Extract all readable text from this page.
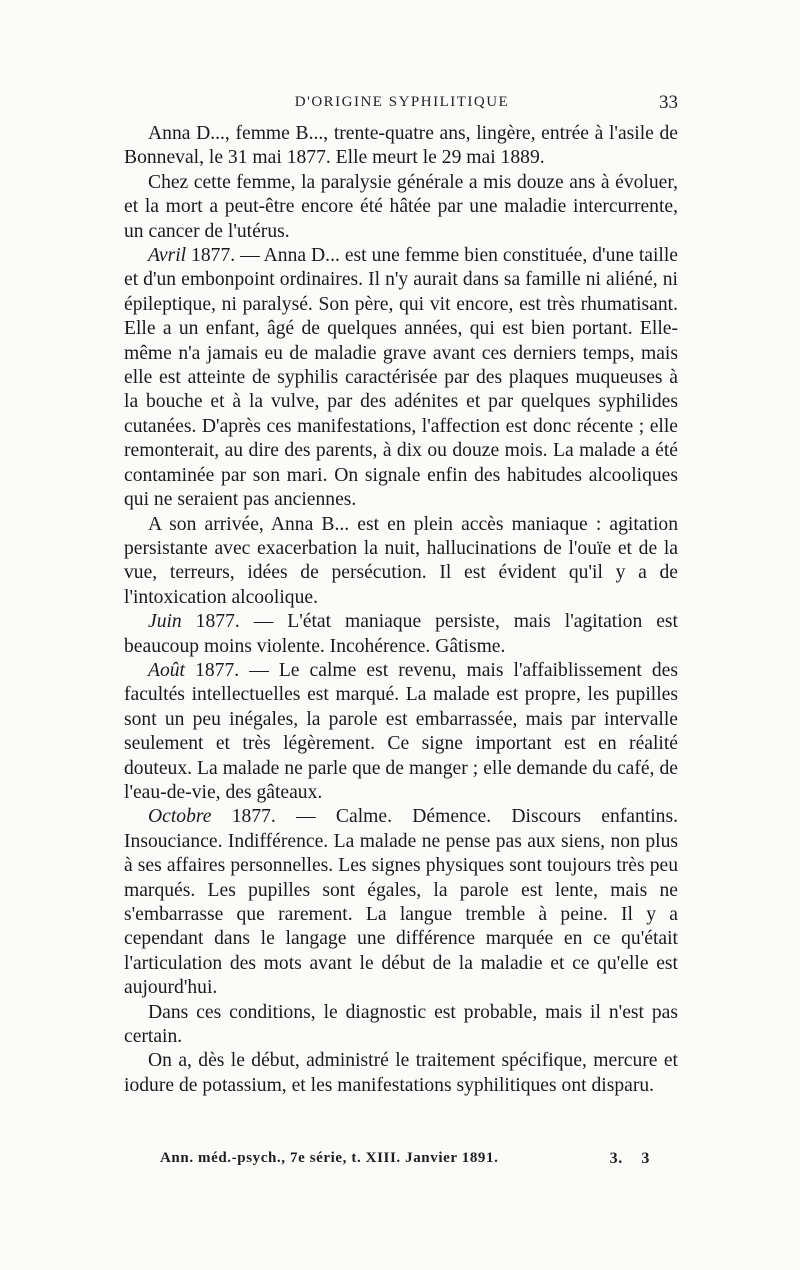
D'ORIGINE SYPHILITIQUE	33

Anna D..., femme B..., trente-quatre ans, lingère, entrée à l'asile de Bonneval, le 31 mai 1877. Elle meurt le 29 mai 1889.

Chez cette femme, la paralysie générale a mis douze ans à évoluer, et la mort a peut-être encore été hâtée par une maladie intercurrente, un cancer de l'utérus.

Avril 1877. — Anna D... est une femme bien constituée, d'une taille et d'un embonpoint ordinaires. Il n'y aurait dans sa famille ni aliéné, ni épileptique, ni paralysé. Son père, qui vit encore, est très rhumatisant. Elle a un enfant, âgé de quelques années, qui est bien portant. Elle-même n'a jamais eu de maladie grave avant ces derniers temps, mais elle est atteinte de syphilis caractérisée par des plaques muqueuses à la bouche et à la vulve, par des adénites et par quelques syphilides cutanées. D'après ces manifestations, l'affection est donc récente ; elle remonterait, au dire des parents, à dix ou douze mois. La malade a été contaminée par son mari. On signale enfin des habitudes alcooliques qui ne seraient pas anciennes.

A son arrivée, Anna B... est en plein accès maniaque : agitation persistante avec exacerbation la nuit, hallucinations de l'ouïe et de la vue, terreurs, idées de persécution. Il est évident qu'il y a de l'intoxication alcoolique.

Juin 1877. — L'état maniaque persiste, mais l'agitation est beaucoup moins violente. Incohérence. Gâtisme.

Août 1877. — Le calme est revenu, mais l'affaiblissement des facultés intellectuelles est marqué. La malade est propre, les pupilles sont un peu inégales, la parole est embarrassée, mais par intervalle seulement et très légèrement. Ce signe important est en réalité douteux. La malade ne parle que de manger ; elle demande du café, de l'eau-de-vie, des gâteaux.

Octobre 1877. — Calme. Démence. Discours enfantins. Insouciance. Indifférence. La malade ne pense pas aux siens, non plus à ses affaires personnelles. Les signes physiques sont toujours très peu marqués. Les pupilles sont égales, la parole est lente, mais ne s'embarrasse que rarement. La langue tremble à peine. Il y a cependant dans le langage une différence marquée en ce qu'était l'articulation des mots avant le début de la maladie et ce qu'elle est aujourd'hui.

Dans ces conditions, le diagnostic est probable, mais il n'est pas certain.

On a, dès le début, administré le traitement spécifique, mercure et iodure de potassium, et les manifestations syphilitiques ont disparu.

Ann. méd.-psych., 7e série, t. XIII. Janvier 1891.	3. 3
